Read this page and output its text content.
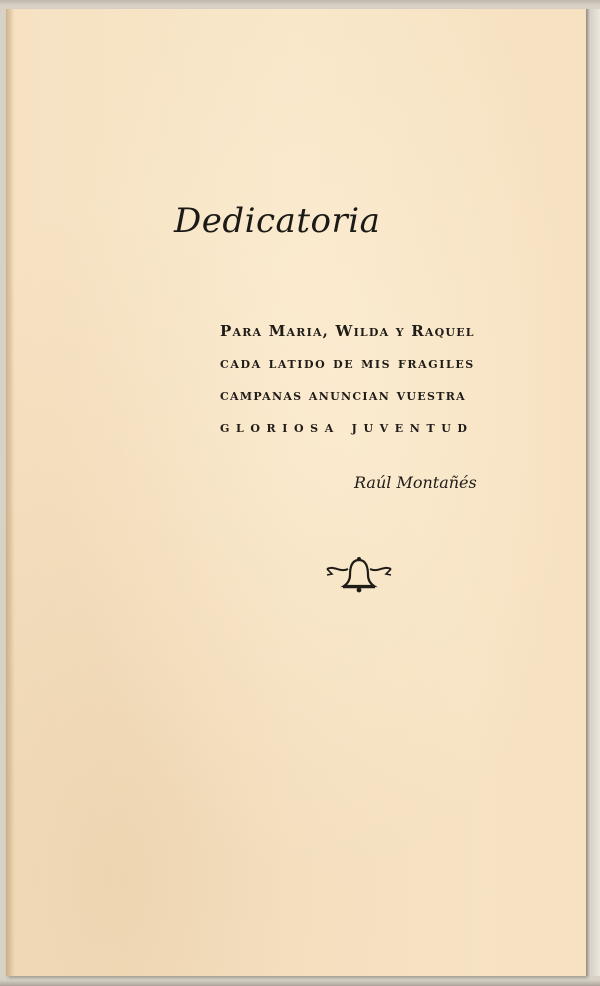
Dedicatoria
Para Maria, Wilda y Raquel
cada latido de mis fragiles
campanas anuncian vuestra
gloriosa juventud
Raúl Montañés
